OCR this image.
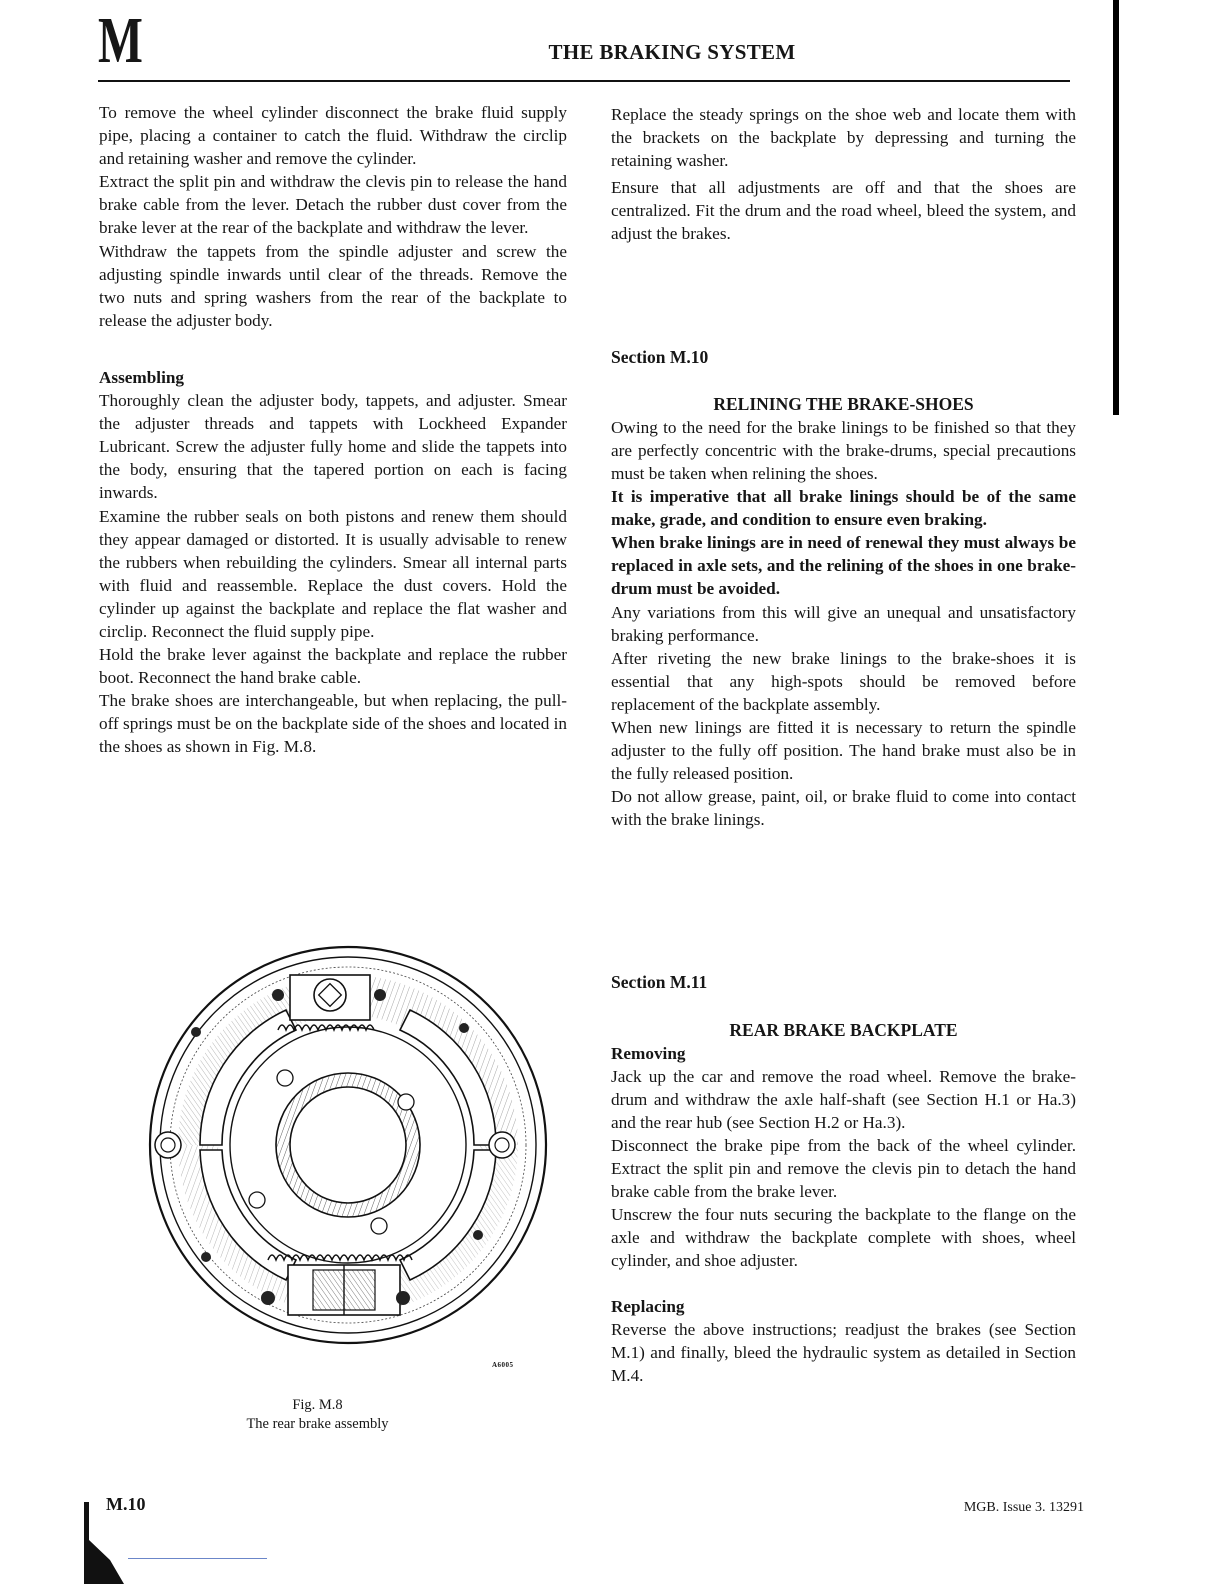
M	THE BRAKING SYSTEM

To remove the wheel cylinder disconnect the brake fluid supply pipe, placing a container to catch the fluid. Withdraw the circlip and retaining washer and remove the cylinder.

Extract the split pin and withdraw the clevis pin to release the hand brake cable from the lever. Detach the rubber dust cover from the brake lever at the rear of the backplate and withdraw the lever.

Withdraw the tappets from the spindle adjuster and screw the adjusting spindle inwards until clear of the threads. Remove the two nuts and spring washers from the rear of the backplate to release the adjuster body.

Assembling

Thoroughly clean the adjuster body, tappets, and adjuster. Smear the adjuster threads and tappets with Lockheed Expander Lubricant. Screw the adjuster fully home and slide the tappets into the body, ensuring that the tapered portion on each is facing inwards.

Examine the rubber seals on both pistons and renew them should they appear damaged or distorted. It is usually advisable to renew the rubbers when rebuilding the cylinders. Smear all internal parts with fluid and reassemble. Replace the dust covers. Hold the cylinder up against the backplate and replace the flat washer and circlip. Reconnect the fluid supply pipe.

Hold the brake lever against the backplate and replace the rubber boot. Reconnect the hand brake cable.

The brake shoes are interchangeable, but when replacing, the pull-off springs must be on the backplate side of the shoes and located in the shoes as shown in Fig. M.8.

Replace the steady springs on the shoe web and locate them with the brackets on the backplate by depressing and turning the retaining washer.

Ensure that all adjustments are off and that the shoes are centralized. Fit the drum and the road wheel, bleed the system, and adjust the brakes.

Section M.10

RELINING THE BRAKE-SHOES

Owing to the need for the brake linings to be finished so that they are perfectly concentric with the brake-drums, special precautions must be taken when relining the shoes.

It is imperative that all brake linings should be of the same make, grade, and condition to ensure even braking.

When brake linings are in need of renewal they must always be replaced in axle sets, and the relining of the shoes in one brake-drum must be avoided.

Any variations from this will give an unequal and unsatisfactory braking performance.

After riveting the new brake linings to the brake-shoes it is essential that any high-spots should be removed before replacement of the backplate assembly.

When new linings are fitted it is necessary to return the spindle adjuster to the fully off position. The hand brake must also be in the fully released position.

Do not allow grease, paint, oil, or brake fluid to come into contact with the brake linings.

Section M.11

REAR BRAKE BACKPLATE

Removing

Jack up the car and remove the road wheel. Remove the brake-drum and withdraw the axle half-shaft (see Section H.1 or Ha.3) and the rear hub (see Section H.2 or Ha.3).

Disconnect the brake pipe from the back of the wheel cylinder. Extract the split pin and remove the clevis pin to detach the hand brake cable from the brake lever.

Unscrew the four nuts securing the backplate to the flange on the axle and withdraw the backplate complete with shoes, wheel cylinder, and shoe adjuster.

Replacing

Reverse the above instructions; readjust the brakes (see Section M.1) and finally, bleed the hydraulic system as detailed in Section M.4.

A6005
Fig. M.8
The rear brake assembly
M.10	MGB. Issue 3. 13291
